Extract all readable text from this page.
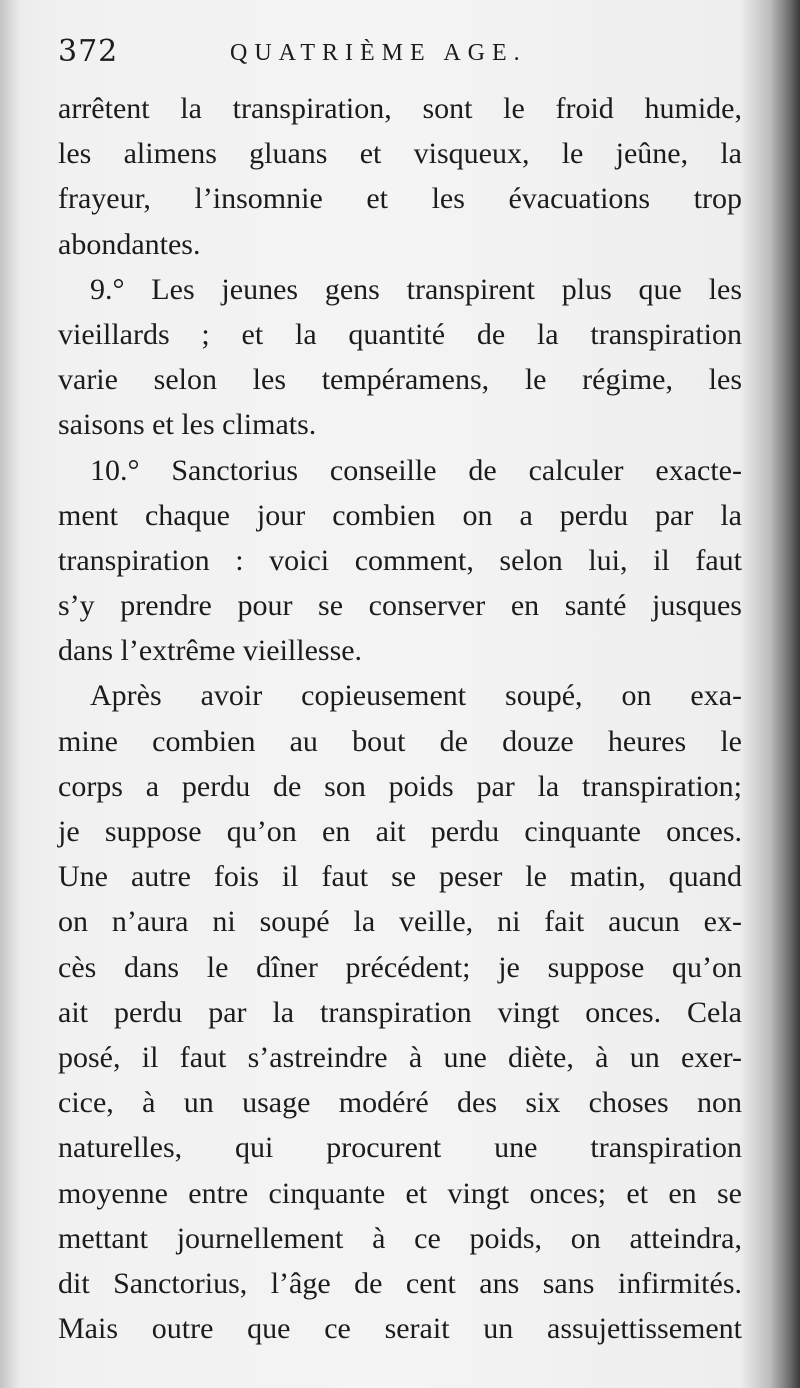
372	QUATRIÈME AGE.
arrêtent la transpiration, sont le froid humide,
les alimens gluans et visqueux, le jeûne, la
frayeur, l’insomnie et les évacuations trop
abondantes.
9.° Les jeunes gens transpirent plus que les
vieillards ; et la quantité de la transpiration
varie selon les tempéramens, le régime, les
saisons et les climats.
10.° Sanctorius conseille de calculer exacte-
ment chaque jour combien on a perdu par la
transpiration : voici comment, selon lui, il faut
s’y prendre pour se conserver en santé jusques
dans l’extrême vieillesse.
Après avoir copieusement soupé, on exa-
mine combien au bout de douze heures le
corps a perdu de son poids par la transpiration;
je suppose qu’on en ait perdu cinquante onces.
Une autre fois il faut se peser le matin, quand
on n’aura ni soupé la veille, ni fait aucun ex-
cès dans le dîner précédent; je suppose qu’on
ait perdu par la transpiration vingt onces. Cela
posé, il faut s’astreindre à une diète, à un exer-
cice, à un usage modéré des six choses non
naturelles, qui procurent une transpiration
moyenne entre cinquante et vingt onces; et en se
mettant journellement à ce poids, on atteindra,
dit Sanctorius, l’âge de cent ans sans infirmités.
Mais outre que ce serait un assujettissement
